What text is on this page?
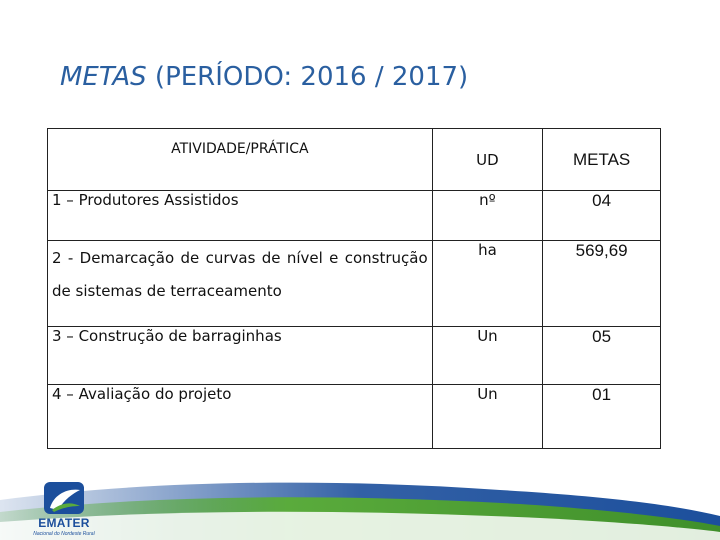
METAS (PERÍODO: 2016 / 2017)
ATIVIDADE/PRÁTICA	UD	METAS
1 – Produtores Assistidos	nº	04
2 - Demarcação de curvas de nível e construção de sistemas de terraceamento	ha	569,69
3 – Construção de barraginhas	Un	05
4 – Avaliação do projeto	Un	01
EMATER
Nacional do Nordeste Rural
